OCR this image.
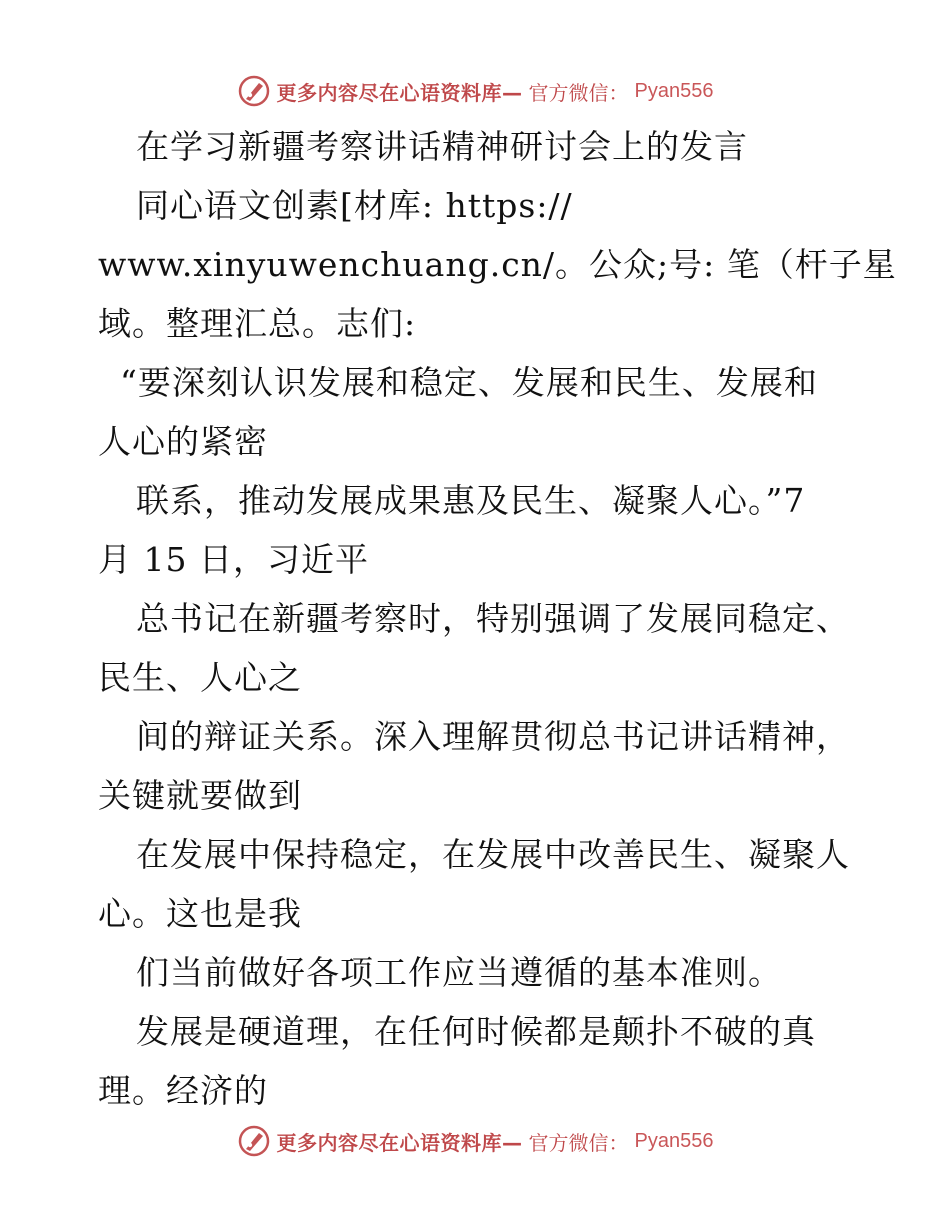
更多内容尽在心语资料库— 官方微信： Pyan556
在学习新疆考察讲话精神研讨会上的发言
同心语文创素[材库: https://
www.xinyuwenchuang.cn/。公众;号: 笔（杆子星
域。整理汇总。志们:
“要深刻认识发展和稳定、发展和民生、发展和
人心的紧密
联系，推动发展成果惠及民生、凝聚人心。”7
月 15 日，习近平
总书记在新疆考察时，特别强调了发展同稳定、
民生、人心之
间的辩证关系。深入理解贯彻总书记讲话精神，
关键就要做到
在发展中保持稳定，在发展中改善民生、凝聚人
心。这也是我
们当前做好各项工作应当遵循的基本准则。
发展是硬道理，在任何时候都是颠扑不破的真
理。经济的
更多内容尽在心语资料库— 官方微信： Pyan556
